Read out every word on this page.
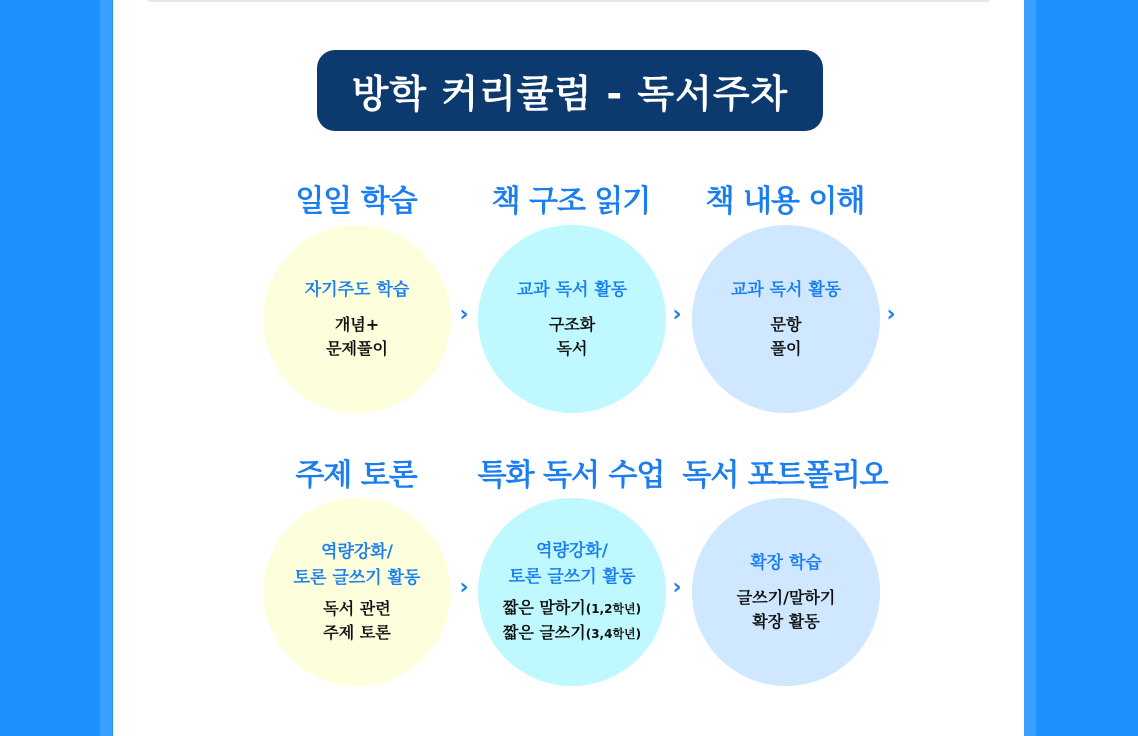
방학 커리큘럼 - 독서주차
일일 학습
자기주도 학습
개념+
문제풀이
›
책 구조 읽기
교과 독서 활동
구조화
독서
›
책 내용 이해
교과 독서 활동
문항
풀이
›
주제 토론
역량강화/
토론 글쓰기 활동
독서 관련
주제 토론
›
특화 독서 수업
역량강화/
토론 글쓰기 활동
짧은 말하기(1,2학년)
짧은 글쓰기(3,4학년)
›
독서 포트폴리오
확장 학습
글쓰기/말하기
확장 활동
